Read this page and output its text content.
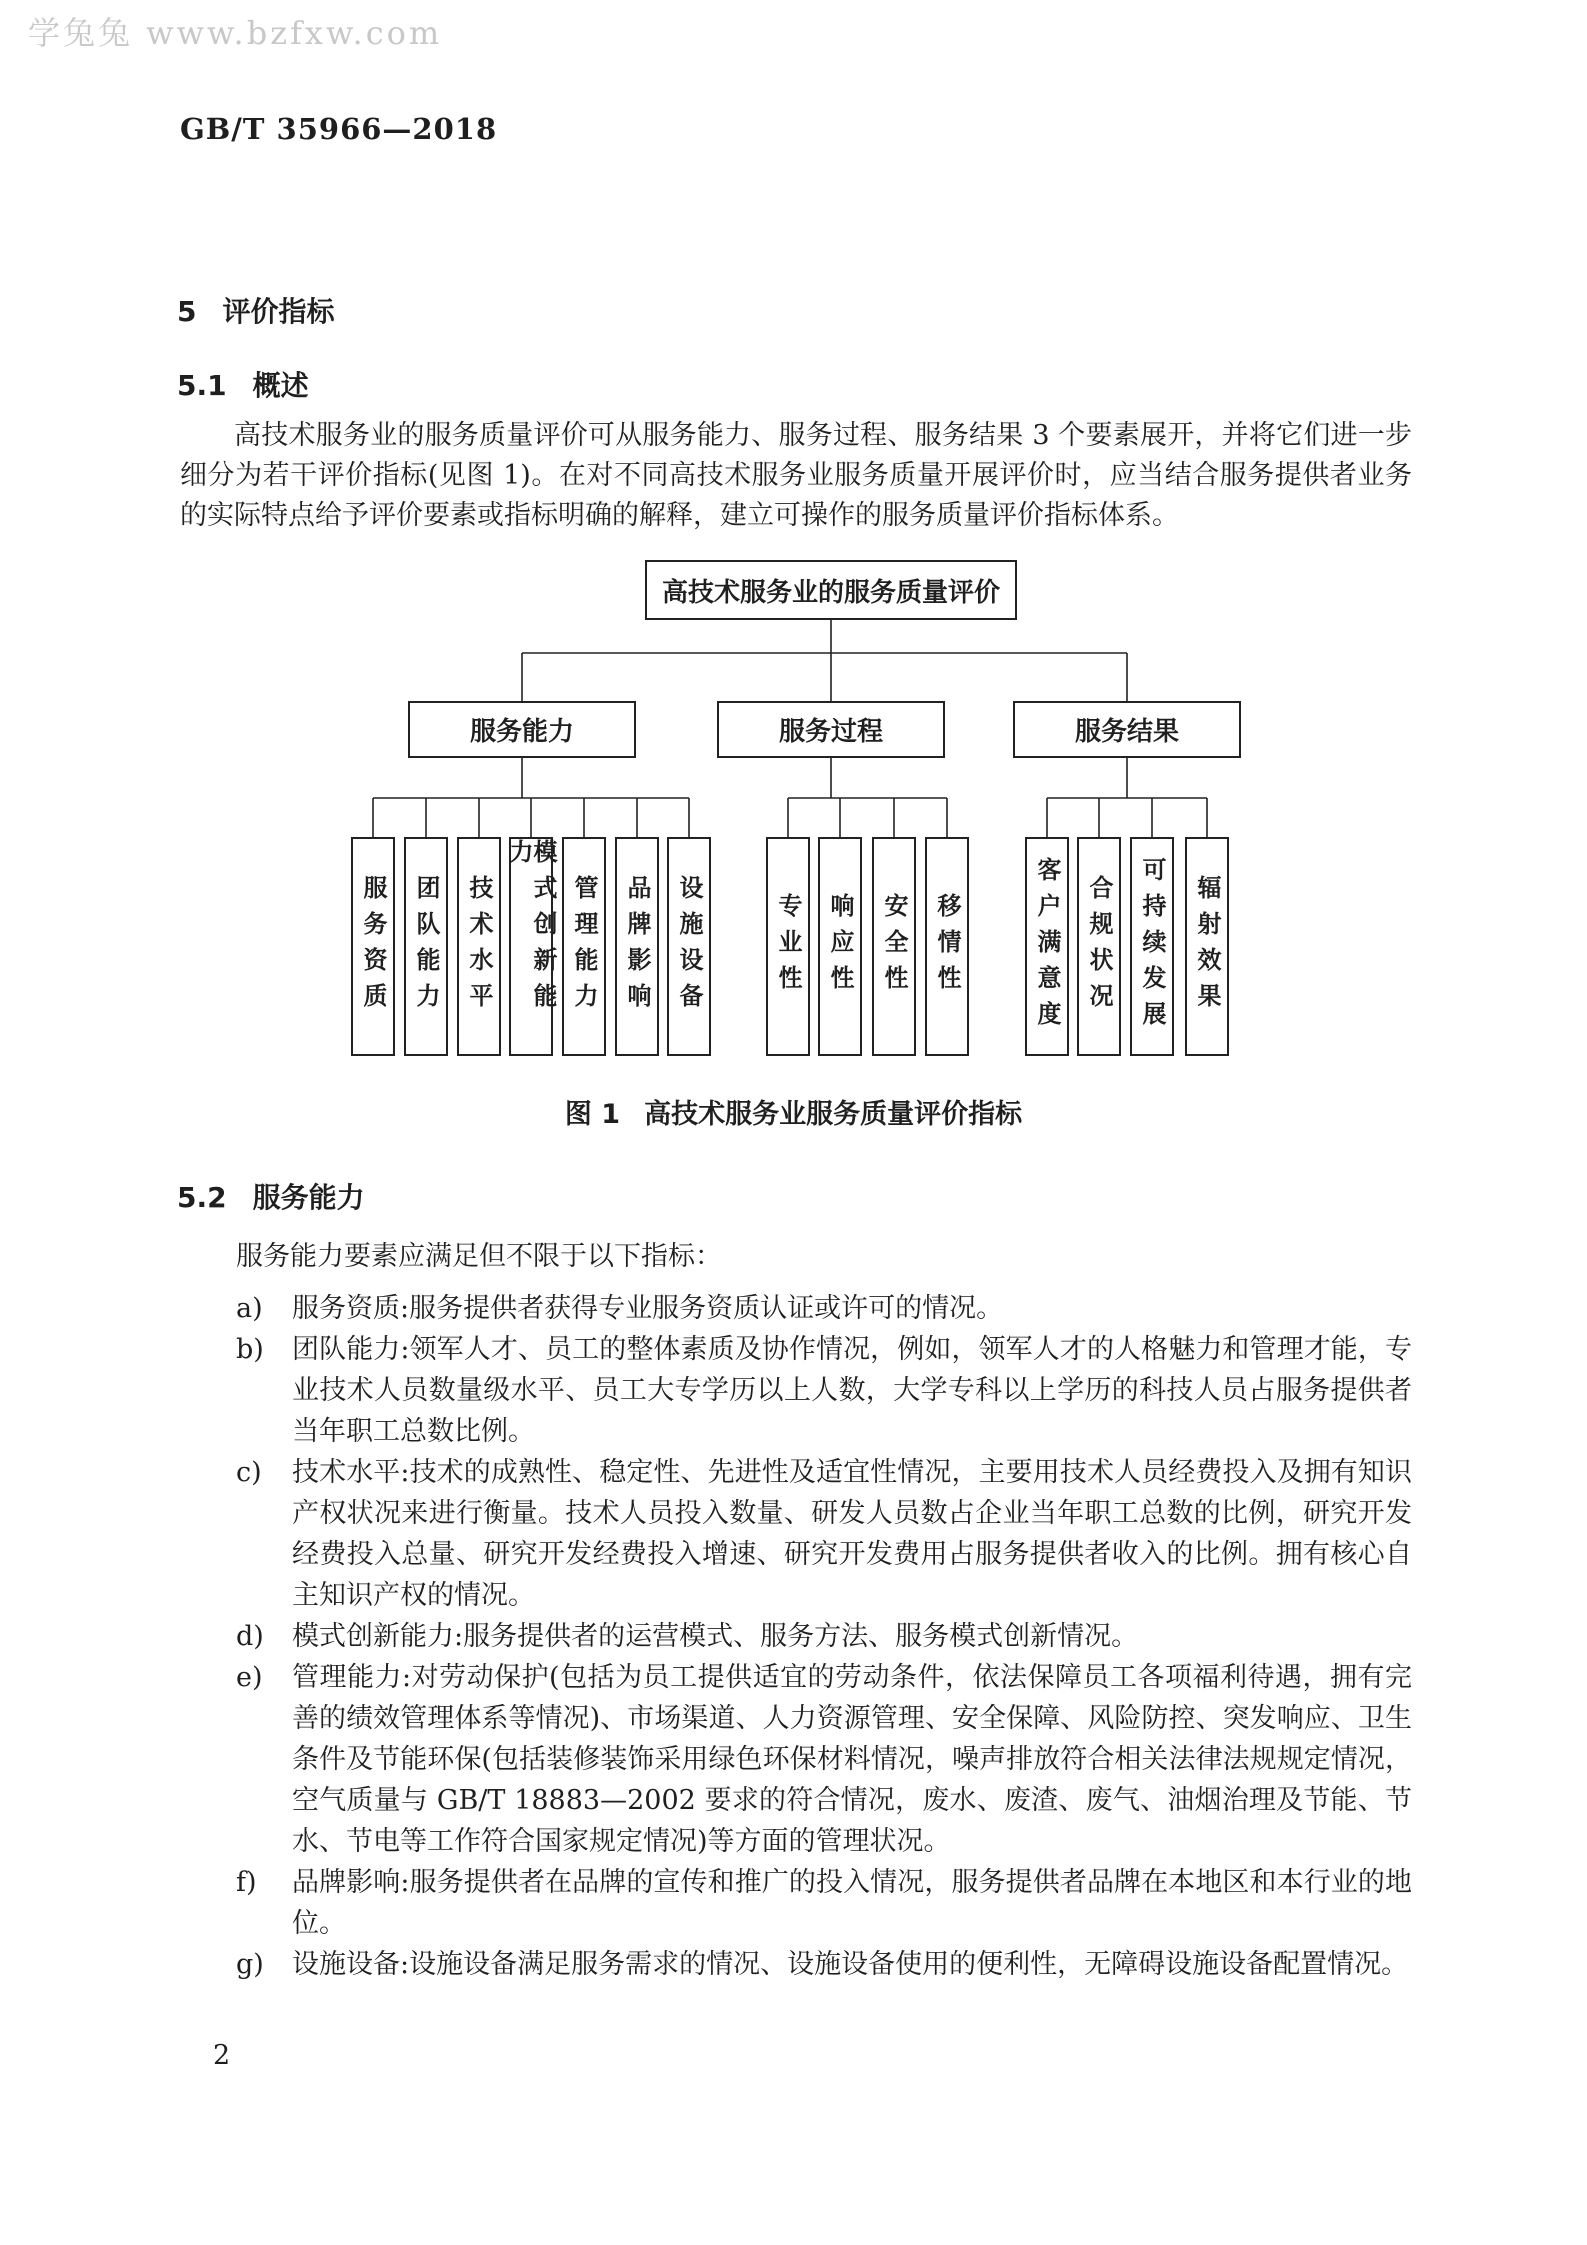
学兔兔 www.bzfxw.com
GB/T 35966—2018
5 评价指标
5.1 概述
高技术服务业的服务质量评价可从服务能力、服务过程、服务结果 3 个要素展开，并将它们进一步细分为若干评价指标(见图 1)。在对不同高技术服务业服务质量开展评价时，应当结合服务提供者业务的实际特点给予评价要素或指标明确的解释，建立可操作的服务质量评价指标体系。
高技术服务业的服务质量评价
服务能力	服务过程	服务结果
服务资质 团队能力 技术水平	模式创新能力
管理能力 品牌影响 设施设备	专业性 响应性 安全性 移情性	客户满意度 合规状况 可持续发展 辐射效果
图 1 高技术服务业服务质量评价指标
5.2 服务能力
服务能力要素应满足但不限于以下指标：
a)	服务资质:服务提供者获得专业服务资质认证或许可的情况。
b)	团队能力:领军人才、员工的整体素质及协作情况，例如，领军人才的人格魅力和管理才能，专业技术人员数量级水平、员工大专学历以上人数，大学专科以上学历的科技人员占服务提供者当年职工总数比例。
c)	技术水平:技术的成熟性、稳定性、先进性及适宜性情况，主要用技术人员经费投入及拥有知识产权状况来进行衡量。技术人员投入数量、研发人员数占企业当年职工总数的比例，研究开发经费投入总量、研究开发经费投入增速、研究开发费用占服务提供者收入的比例。拥有核心自主知识产权的情况。
d)	模式创新能力:服务提供者的运营模式、服务方法、服务模式创新情况。
e)	管理能力:对劳动保护(包括为员工提供适宜的劳动条件，依法保障员工各项福利待遇，拥有完善的绩效管理体系等情况)、市场渠道、人力资源管理、安全保障、风险防控、突发响应、卫生条件及节能环保(包括装修装饰采用绿色环保材料情况，噪声排放符合相关法律法规规定情况，空气质量与 GB/T 18883—2002 要求的符合情况，废水、废渣、废气、油烟治理及节能、节水、节电等工作符合国家规定情况)等方面的管理状况。
f)	品牌影响:服务提供者在品牌的宣传和推广的投入情况，服务提供者品牌在本地区和本行业的地位。
g)	设施设备:设施设备满足服务需求的情况、设施设备使用的便利性，无障碍设施设备配置情况。
2
